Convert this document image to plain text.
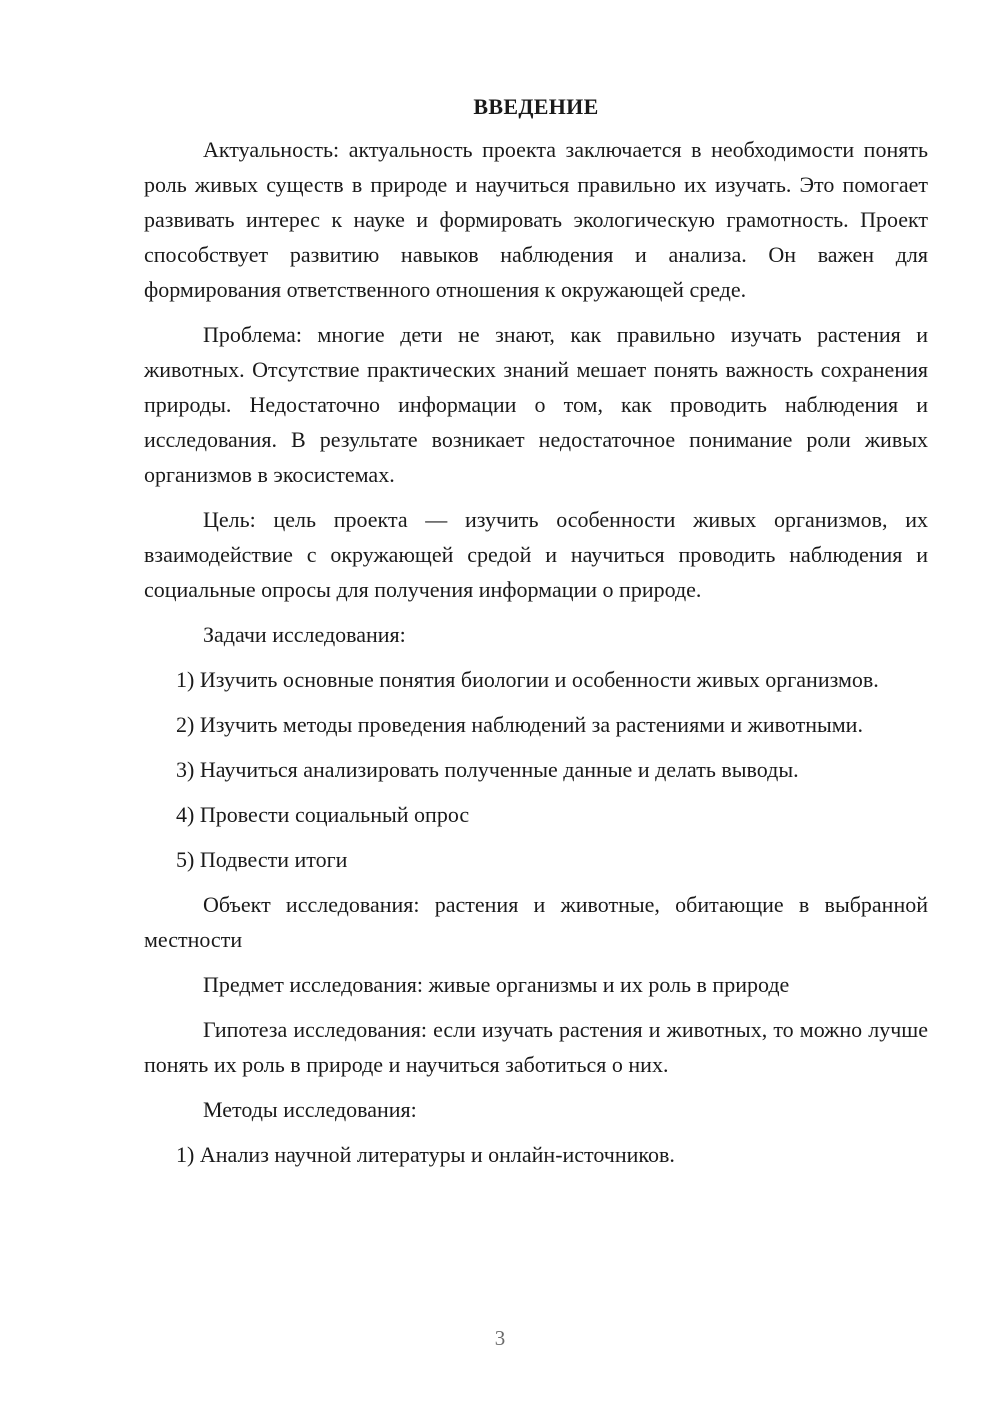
ВВЕДЕНИЕ

Актуальность: актуальность проекта заключается в необходимости понять роль живых существ в природе и научиться правильно их изучать. Это помогает развивать интерес к науке и формировать экологическую грамотность. Проект способствует развитию навыков наблюдения и анализа. Он важен для формирования ответственного отношения к окружающей среде.

Проблема: многие дети не знают, как правильно изучать растения и животных. Отсутствие практических знаний мешает понять важность сохранения природы. Недостаточно информации о том, как проводить наблюдения и исследования. В результате возникает недостаточное понимание роли живых организмов в экосистемах.

Цель: цель проекта — изучить особенности живых организмов, их взаимодействие с окружающей средой и научиться проводить наблюдения и социальные опросы для получения информации о природе.

Задачи исследования:

1) Изучить основные понятия биологии и особенности живых организмов.

2) Изучить методы проведения наблюдений за растениями и животными.

3) Научиться анализировать полученные данные и делать выводы.

4) Провести социальный опрос

5) Подвести итоги

Объект исследования: растения и животные, обитающие в выбранной местности

Предмет исследования: живые организмы и их роль в природе

Гипотеза исследования: если изучать растения и животных, то можно лучше понять их роль в природе и научиться заботиться о них.

Методы исследования:

1) Анализ научной литературы и онлайн-источников.

3
